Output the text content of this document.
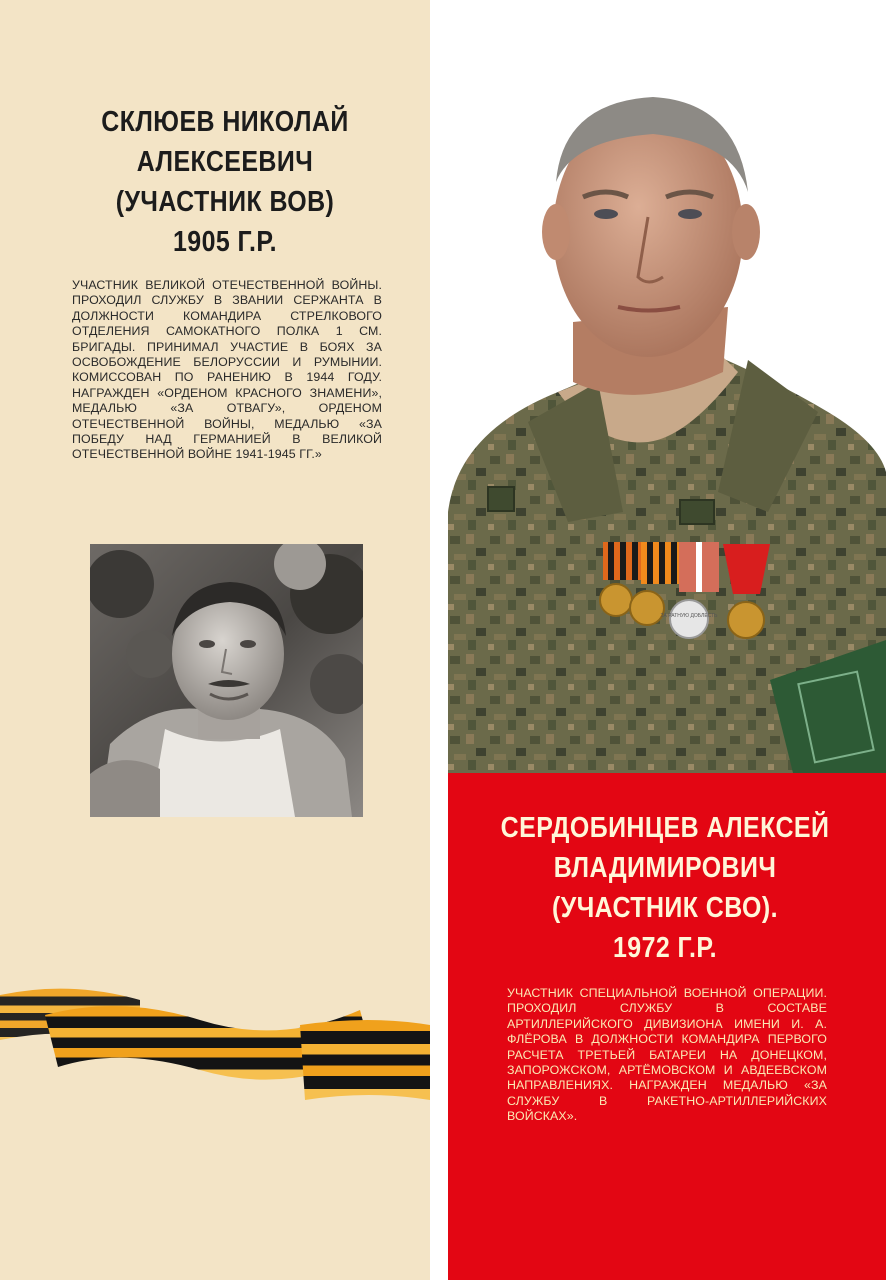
СКЛЮЕВ НИКОЛАЙ
АЛЕКСЕЕВИЧ
(УЧАСТНИК ВОВ)
1905 Г.Р.

УЧАСТНИК ВЕЛИКОЙ ОТЕЧЕСТВЕННОЙ ВОЙНЫ. ПРОХОДИЛ СЛУЖБУ В ЗВАНИИ СЕРЖАНТА В ДОЛЖНОСТИ КОМАНДИРА СТРЕЛКОВОГО ОТДЕЛЕНИЯ САМОКАТНОГО ПОЛКА 1 СМ. БРИГАДЫ. ПРИНИМАЛ УЧАСТИЕ В БОЯХ ЗА ОСВОБОЖДЕНИЕ БЕЛОРУССИИ И РУМЫНИИ. КОМИССОВАН ПО РАНЕНИЮ В 1944 ГОДУ. НАГРАЖДЕН «ОРДЕНОМ КРАСНОГО ЗНАМЕНИ», МЕДАЛЬЮ «ЗА ОТВАГУ», ОРДЕНОМ ОТЕЧЕСТВЕННОЙ ВОЙНЫ, МЕДАЛЬЮ «ЗА ПОБЕДУ НАД ГЕРМАНИЕЙ В ВЕЛИКОЙ ОТЕЧЕСТВЕННОЙ ВОЙНЕ 1941-1945 ГГ.»

ЗА РАТНУЮ ДОБЛЕСТЬ
СЕРДОБИНЦЕВ АЛЕКСЕЙ
ВЛАДИМИРОВИЧ
(УЧАСТНИК СВО).
1972 Г.Р.

УЧАСТНИК СПЕЦИАЛЬНОЙ ВОЕННОЙ ОПЕРАЦИИ. ПРОХОДИЛ СЛУЖБУ В СОСТАВЕ АРТИЛЛЕРИЙСКОГО ДИВИЗИОНА ИМЕНИ И. А. ФЛЁРОВА В ДОЛЖНОСТИ КОМАНДИРА ПЕРВОГО РАСЧЕТА ТРЕТЬЕЙ БАТАРЕИ НА ДОНЕЦКОМ, ЗАПОРОЖСКОМ, АРТЁМОВСКОМ И АВДЕЕВСКОМ НАПРАВЛЕНИЯХ. НАГРАЖДЕН МЕДАЛЬЮ «ЗА СЛУЖБУ В РАКЕТНО-АРТИЛЛЕРИЙСКИХ ВОЙСКАХ».
